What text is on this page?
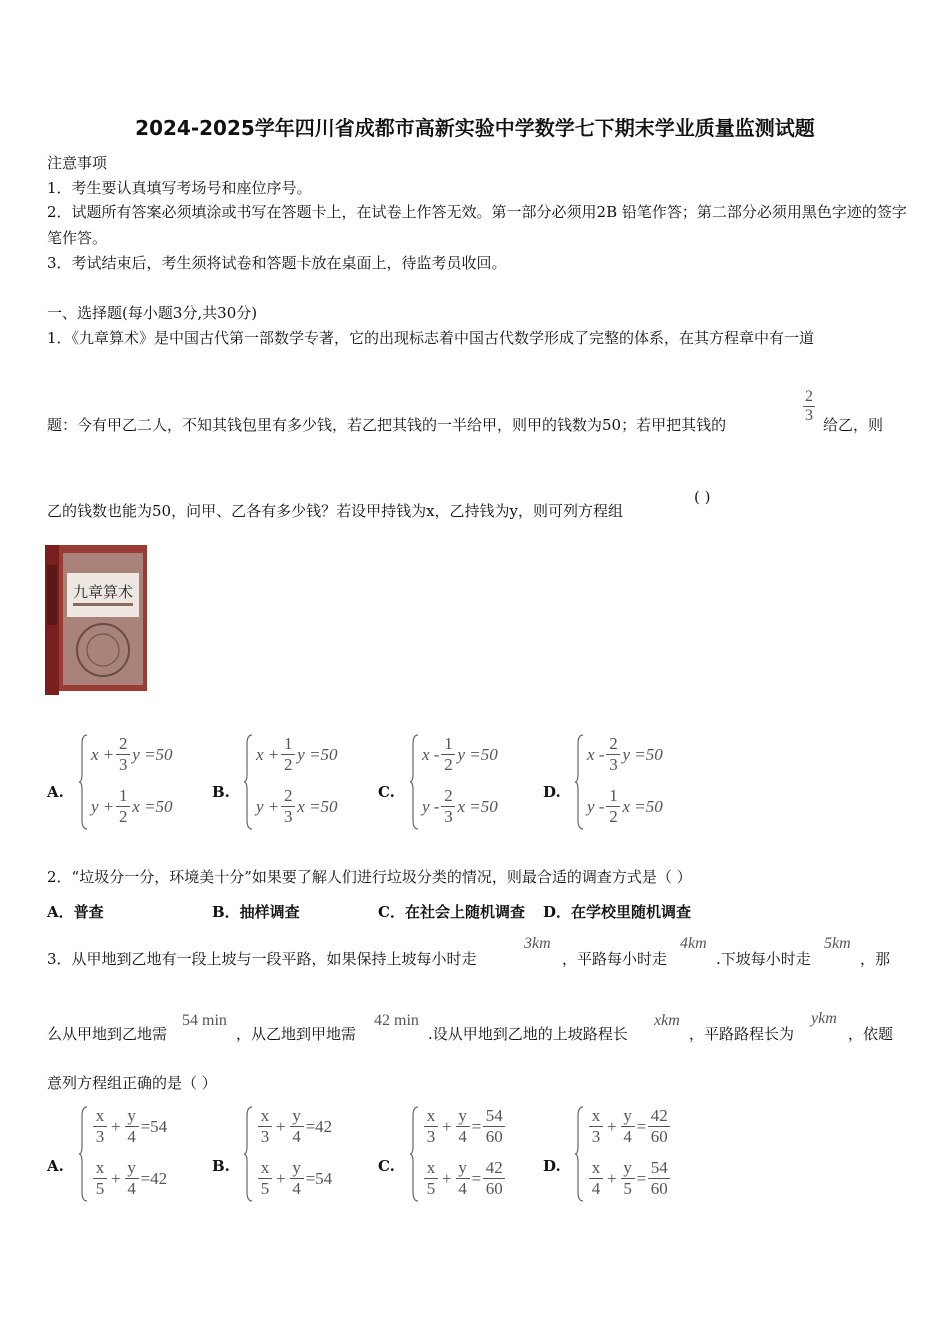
2024-2025学年四川省成都市高新实验中学数学七下期末学业质量监测试题
注意事项
1．考生要认真填写考场号和座位序号。
2．试题所有答案必须填涂或书写在答题卡上，在试卷上作答无效。第一部分必须用2B 铅笔作答；第二部分必须用黑色字迹的签字笔作答。
3．考试结束后，考生须将试卷和答题卡放在桌面上，待监考员收回。
一、选择题(每小题3分,共30分)
1．《九章算术》是中国古代第一部数学专著，它的出现标志着中国古代数学形成了完整的体系，在其方程章中有一道
题：今有甲乙二人，不知其钱包里有多少钱，若乙把其钱的一半给甲，则甲的钱数为50；若甲把其钱的
2
3
给乙，则
乙的钱数也能为50，问甲、乙各有多少钱？若设甲持钱为x，乙持钱为y，则可列方程组
( )
九章算术
A.
x +
2
3
y =50
y +
1
2
x =50
B.
x +
1
2
y =50
y +
2
3
x =50
C.
x -
1
2
y =50
y -
2
3
x =50
D.
x -
2
3
y =50
y -
1
2
x =50
2．“垃圾分一分，环境美十分”如果要了解人们进行垃圾分类的情况，则最合适的调查方式是（ ）
A．普查	B．抽样调查	C．在社会上随机调查 D．在学校里随机调查
3．从甲地到乙地有一段上坡与一段平路，如果保持上坡每小时走
3km
，平路每小时走
4km
.下坡每小时走
5km
，那
么从甲地到乙地需
54 min
，从乙地到甲地需
42 min
.设从甲地到乙地的上坡路程长
xkm
，平路路程长为
ykm
，依题
意列方程组正确的是（ ）
A.
x
3
+
y
4
=54
x
5
+
y
4
=42
B.
x
3
+
y
4
=42
x
5
+
y
4
=54
C.
x
3
+
y
4
=
54
60
x
5
+
y
4
=
42
60
D.
x
3
+
y
4
=
42
60
x
4
+
y
5
=
54
60
